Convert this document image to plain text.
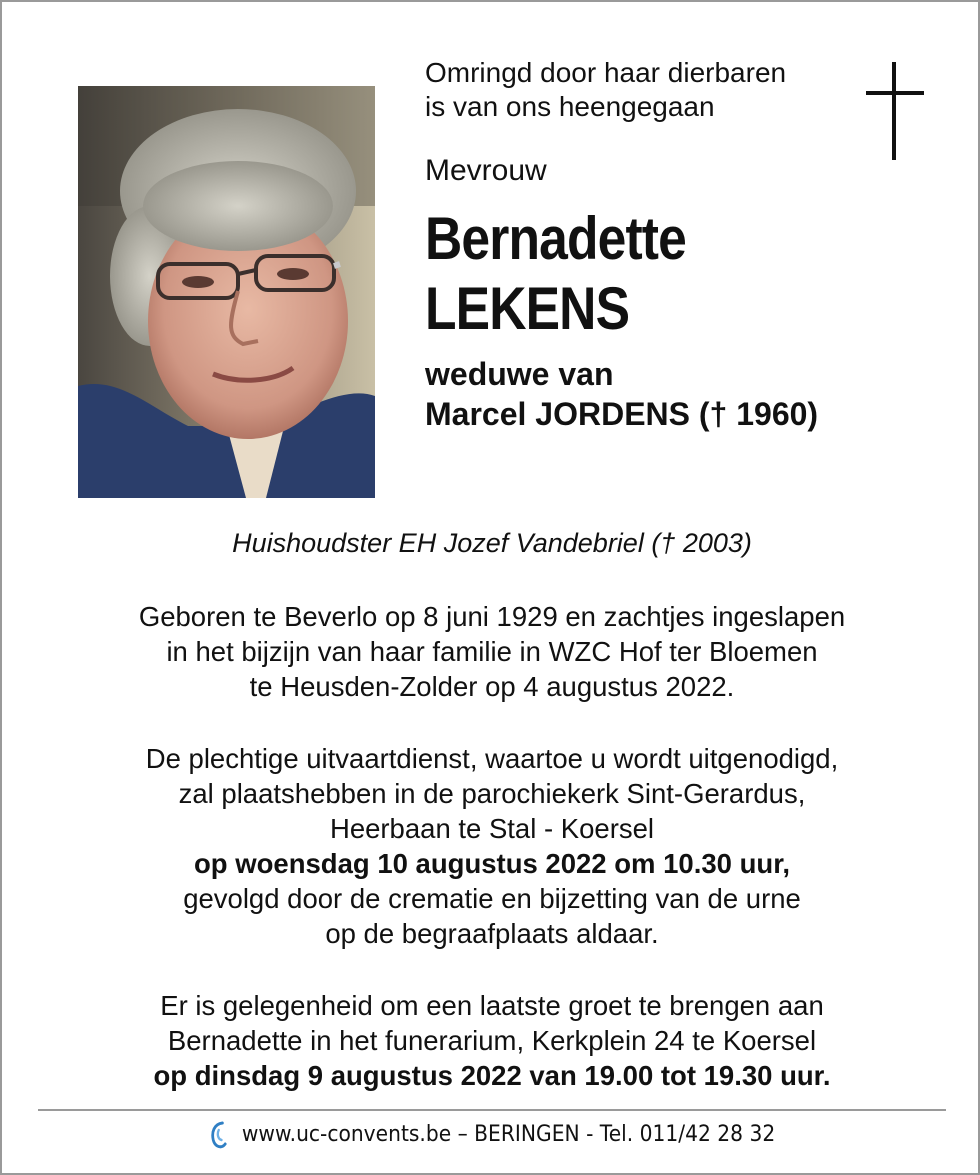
Omringd door haar dierbaren

is van ons heengegaan

Mevrouw

Bernadette
LEKENS
weduwe van
Marcel JORDENS († 1960)

Huishoudster EH Jozef Vandebriel († 2003)

Geboren te Beverlo op 8 juni 1929 en zachtjes ingeslapen

in het bijzijn van haar familie in WZC Hof ter Bloemen

te Heusden-Zolder op 4 augustus 2022.

De plechtige uitvaartdienst, waartoe u wordt uitgenodigd,

zal plaatshebben in de parochiekerk Sint-Gerardus,

Heerbaan te Stal - Koersel

op woensdag 10 augustus 2022 om 10.30 uur,

gevolgd door de crematie en bijzetting van de urne

op de begraafplaats aldaar.

Er is gelegenheid om een laatste groet te brengen aan

Bernadette in het funerarium, Kerkplein 24 te Koersel

op dinsdag 9 augustus 2022 van 19.00 tot 19.30 uur.

www.uc-convents.be – BERINGEN - Tel. 011/42 28 32
